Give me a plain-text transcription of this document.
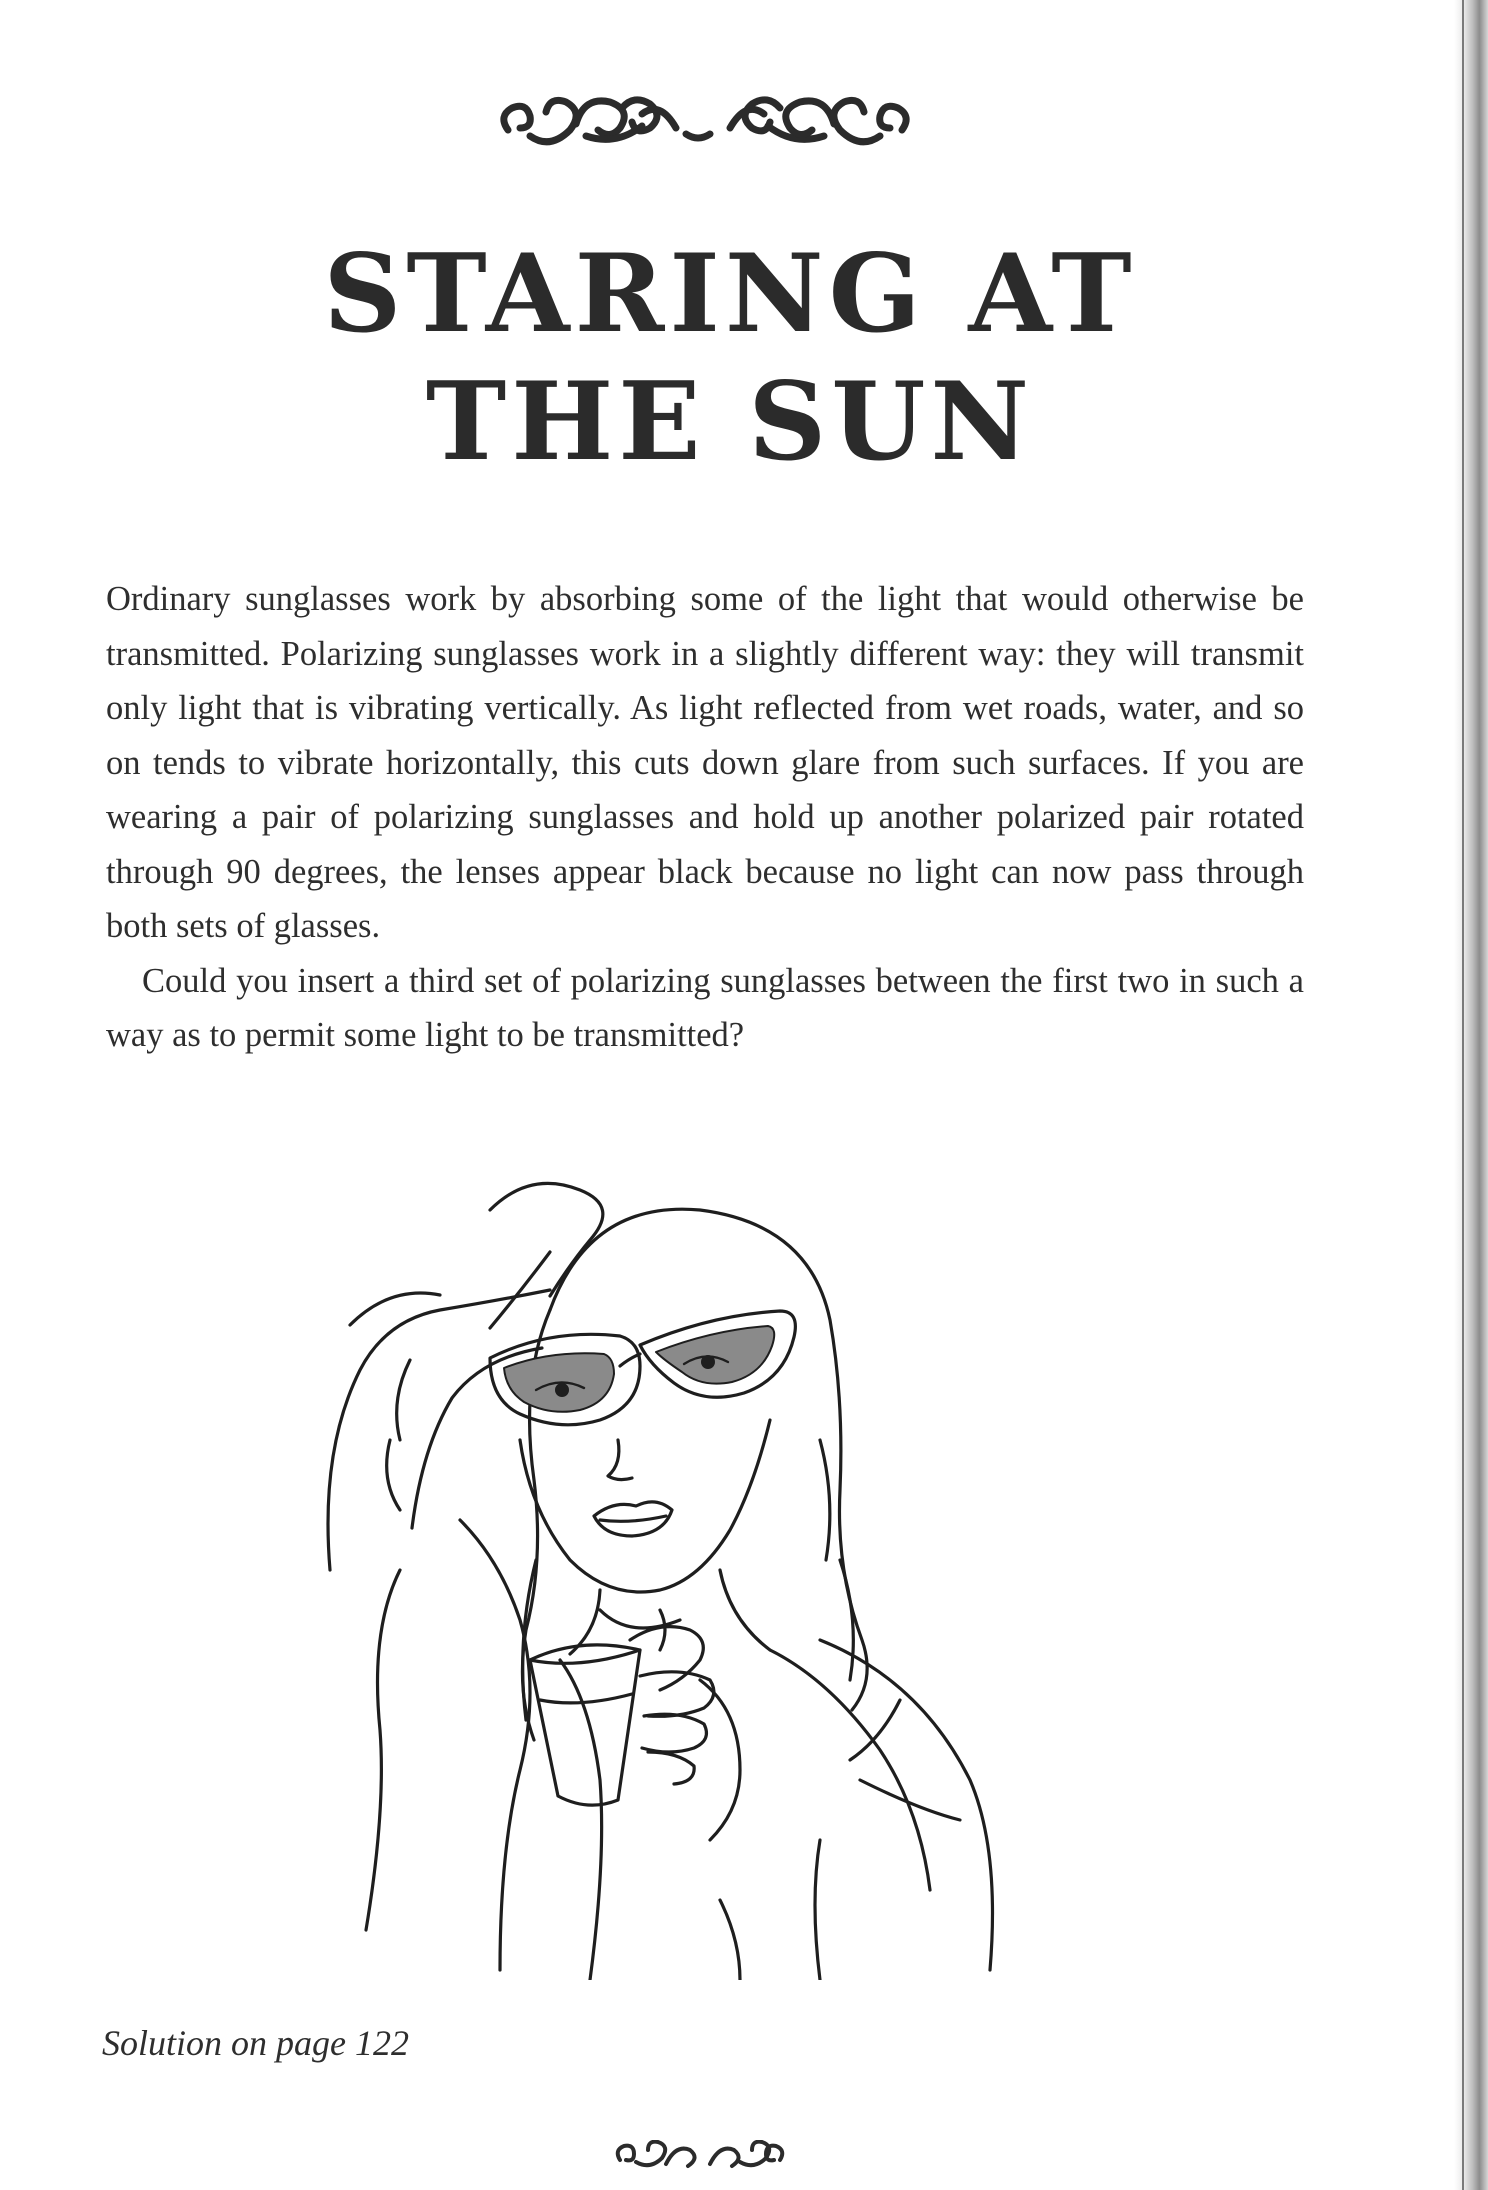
STARING AT
THE SUN

Ordinary sunglasses work by absorbing some of the light that would otherwise be transmitted. Polarizing sunglasses work in a slightly different way: they will transmit only light that is vibrating vertically. As light reflected from wet roads, water, and so on tends to vibrate horizontally, this cuts down glare from such surfaces. If you are wearing a pair of polarizing sunglasses and hold up another polarized pair rotated through 90 degrees, the lenses appear black because no light can now pass through both sets of glasses.

Could you insert a third set of polarizing sunglasses between the first two in such a way as to permit some light to be transmitted?

Solution on page 122
